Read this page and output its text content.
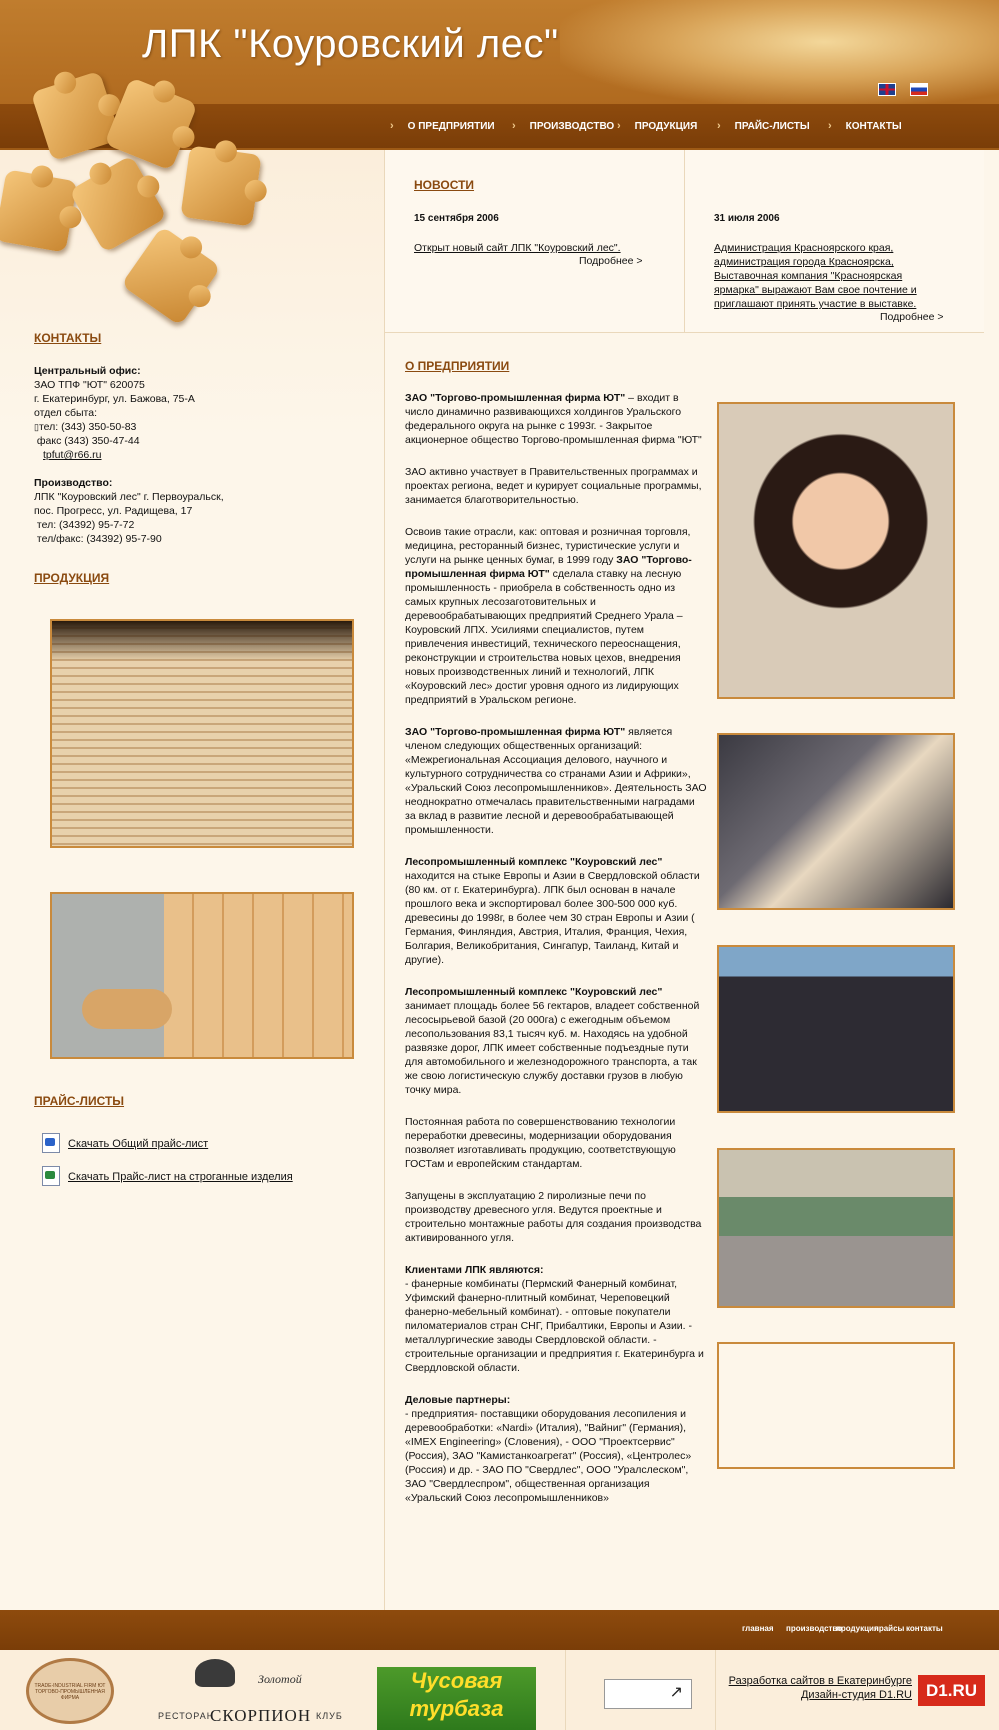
ЛПК "Коуровский лес"
› О ПРЕДПРИЯТИИ	› ПРОИЗВОДСТВО	› ПРОДУКЦИЯ	› ПРАЙС-ЛИСТЫ	› КОНТАКТЫ
НОВОСТИ
15 сентября 2006
Открыт новый сайт ЛПК "Коуровский лес".
Подробнее >
31 июля 2006
Администрация Красноярского края, администрация города Красноярска, Выставочная компания "Красноярская ярмарка" выражают Вам свое почтение и приглашают принять участие в выставке.
Подробнее >
КОНТАКТЫ
Центральный офис:
ЗАО ТПФ "ЮТ" 620075
г. Екатеринбург, ул. Бажова, 75-А
отдел сбыта:
▯тел: (343) 350-50-83
факс (343) 350-47-44
tpfut@r66.ru
Производство:
ЛПК "Коуровский лес" г. Первоуральск,
пос. Прогресс, ул. Радищева, 17
тел: (34392) 95-7-72
тел/факс: (34392) 95-7-90
ПРОДУКЦИЯ
ПРАЙС-ЛИСТЫ
Скачать Общий прайс-лист
Скачать Прайс-лист на строганные изделия
О ПРЕДПРИЯТИИ

ЗАО "Торгово-промышленная фирма ЮТ" – входит в число динамично развивающихся холдингов Уральского федерального округа на рынке с 1993г. - Закрытое акционерное общество Торгово-промышленная фирма "ЮТ"

ЗАО активно участвует в Правительственных программах и проектах региона, ведет и курирует социальные программы, занимается благотворительностью.

Освоив такие отрасли, как: оптовая и розничная торговля, медицина, ресторанный бизнес, туристические услуги и услуги на рынке ценных бумаг, в 1999 году ЗАО "Торгово-промышленная фирма ЮТ" сделала ставку на лесную промышленность - приобрела в собственность одно из самых крупных лесозаготовительных и деревообрабатывающих предприятий Среднего Урала – Коуровский ЛПХ. Усилиями специалистов, путем привлечения инвестиций, технического переоснащения, реконструкции и строительства новых цехов, внедрения новых производственных линий и технологий, ЛПК «Коуровский лес» достиг уровня одного из лидирующих предприятий в Уральском регионе.

ЗАО "Торгово-промышленная фирма ЮТ" является членом следующих общественных организаций: «Межрегиональная Ассоциация делового, научного и культурного сотрудничества со странами Азии и Африки», «Уральский Союз лесопромышленников». Деятельность ЗАО неоднократно отмечалась правительственными наградами за вклад в развитие лесной и деревообрабатывающей промышленности.

Лесопромышленный комплекс "Коуровский лес" находится на стыке Европы и Азии в Свердловской области (80 км. от г. Екатеринбурга). ЛПК был основан в начале прошлого века и экспортировал более 300-500 000 куб. древесины до 1998г, в более чем 30 стран Европы и Азии ( Германия, Финляндия, Австрия, Италия, Франция, Чехия, Болгария, Великобритания, Сингапур, Таиланд, Китай и другие).

Лесопромышленный комплекс "Коуровский лес" занимает площадь более 56 гектаров, владеет собственной лесосырьевой базой (20 000га) с ежегодным объемом лесопользования 83,1 тысяч куб. м. Находясь на удобной развязке дорог, ЛПК имеет собственные подъездные пути для автомобильного и железнодорожного транспорта, а так же свою логистическую службу доставки грузов в любую точку мира.

Постоянная работа по совершенствованию технологии переработки древесины, модернизации оборудования позволяет изготавливать продукцию, соответствующую ГОСТам и европейским стандартам.

Запущены в эксплуатацию 2 пиролизные печи по производству древесного угля. Ведутся проектные и строительно монтажные работы для создания производства активированного угля.

Клиентами ЛПК являются:
- фанерные комбинаты (Пермский Фанерный комбинат, Уфимский фанерно-плитный комбинат, Череповецкий фанерно-мебельный комбинат). - оптовые покупатели пиломатериалов стран СНГ, Прибалтики, Европы и Азии. - металлургические заводы Свердловской области. - строительные организации и предприятия г. Екатеринбурга и Свердловской области.

Деловые партнеры:
- предприятия- поставщики оборудования лесопиления и деревообработки: «Nardi» (Италия), "Вайниг" (Германия), «IMEX Engineering» (Словения), - ООО "Проектсервис" (Россия), ЗАО "Камистанкоагрегат" (Россия), «Центролес» (Россия) и др. - ЗАО ПО "Свердлес", ООО "Уралслеском", ЗАО "Свердлеспром", общественная организация «Уральский Союз лесопромышленников»

главная производство
продукция
прайсы контакты
TRADE-INDUSTRIAL FIRM ЮТ ТОРГОВО-ПРОМЫШЛЕННАЯ ФИРМА
Золотой
РЕСТОРАН
СКОРПИОН КЛУБ
Чусовая турбаза
↗
Разработка сайтов в Екатеринбурге
Дизайн-студия D1.RU D1.RU
